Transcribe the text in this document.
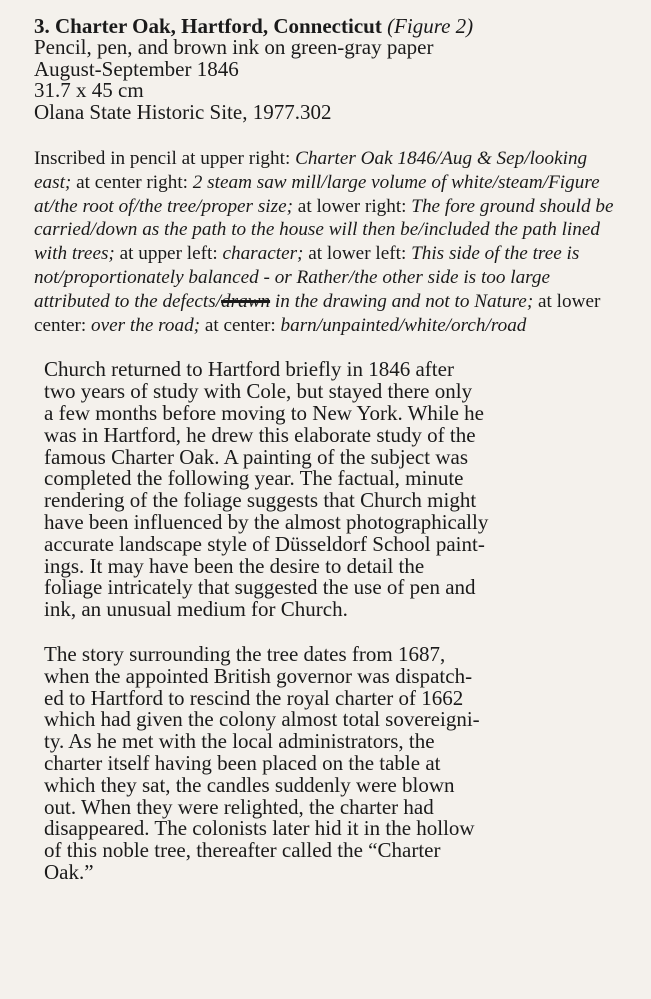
3. Charter Oak, Hartford, Connecticut (Figure 2)
Pencil, pen, and brown ink on green-gray paper
August-September 1846
31.7 x 45 cm
Olana State Historic Site, 1977.302
Inscribed in pencil at upper right: Charter Oak 1846/Aug & Sep/looking east; at center right: 2 steam saw mill/large volume of white/steam/Figure at/the root of/the tree/proper size; at lower right: The fore ground should be carried/down as the path to the house will then be/included the path lined with trees; at upper left: character; at lower left: This side of the tree is not/proportionately balanced - or Rather/the other side is too large attributed to the defects/drawn in the drawing and not to Nature; at lower center: over the road; at center: barn/unpainted/white/orch/road

Church returned to Hartford briefly in 1846 after
two years of study with Cole, but stayed there only
a few months before moving to New York. While he
was in Hartford, he drew this elaborate study of the
famous Charter Oak. A painting of the subject was
completed the following year. The factual, minute
rendering of the foliage suggests that Church might
have been influenced by the almost photographically
accurate landscape style of Düsseldorf School paint-
ings. It may have been the desire to detail the
foliage intricately that suggested the use of pen and
ink, an unusual medium for Church.

The story surrounding the tree dates from 1687,
when the appointed British governor was dispatch-
ed to Hartford to rescind the royal charter of 1662
which had given the colony almost total sovereigni-
ty. As he met with the local administrators, the
charter itself having been placed on the table at
which they sat, the candles suddenly were blown
out. When they were relighted, the charter had
disappeared. The colonists later hid it in the hollow
of this noble tree, thereafter called the “Charter
Oak.”
